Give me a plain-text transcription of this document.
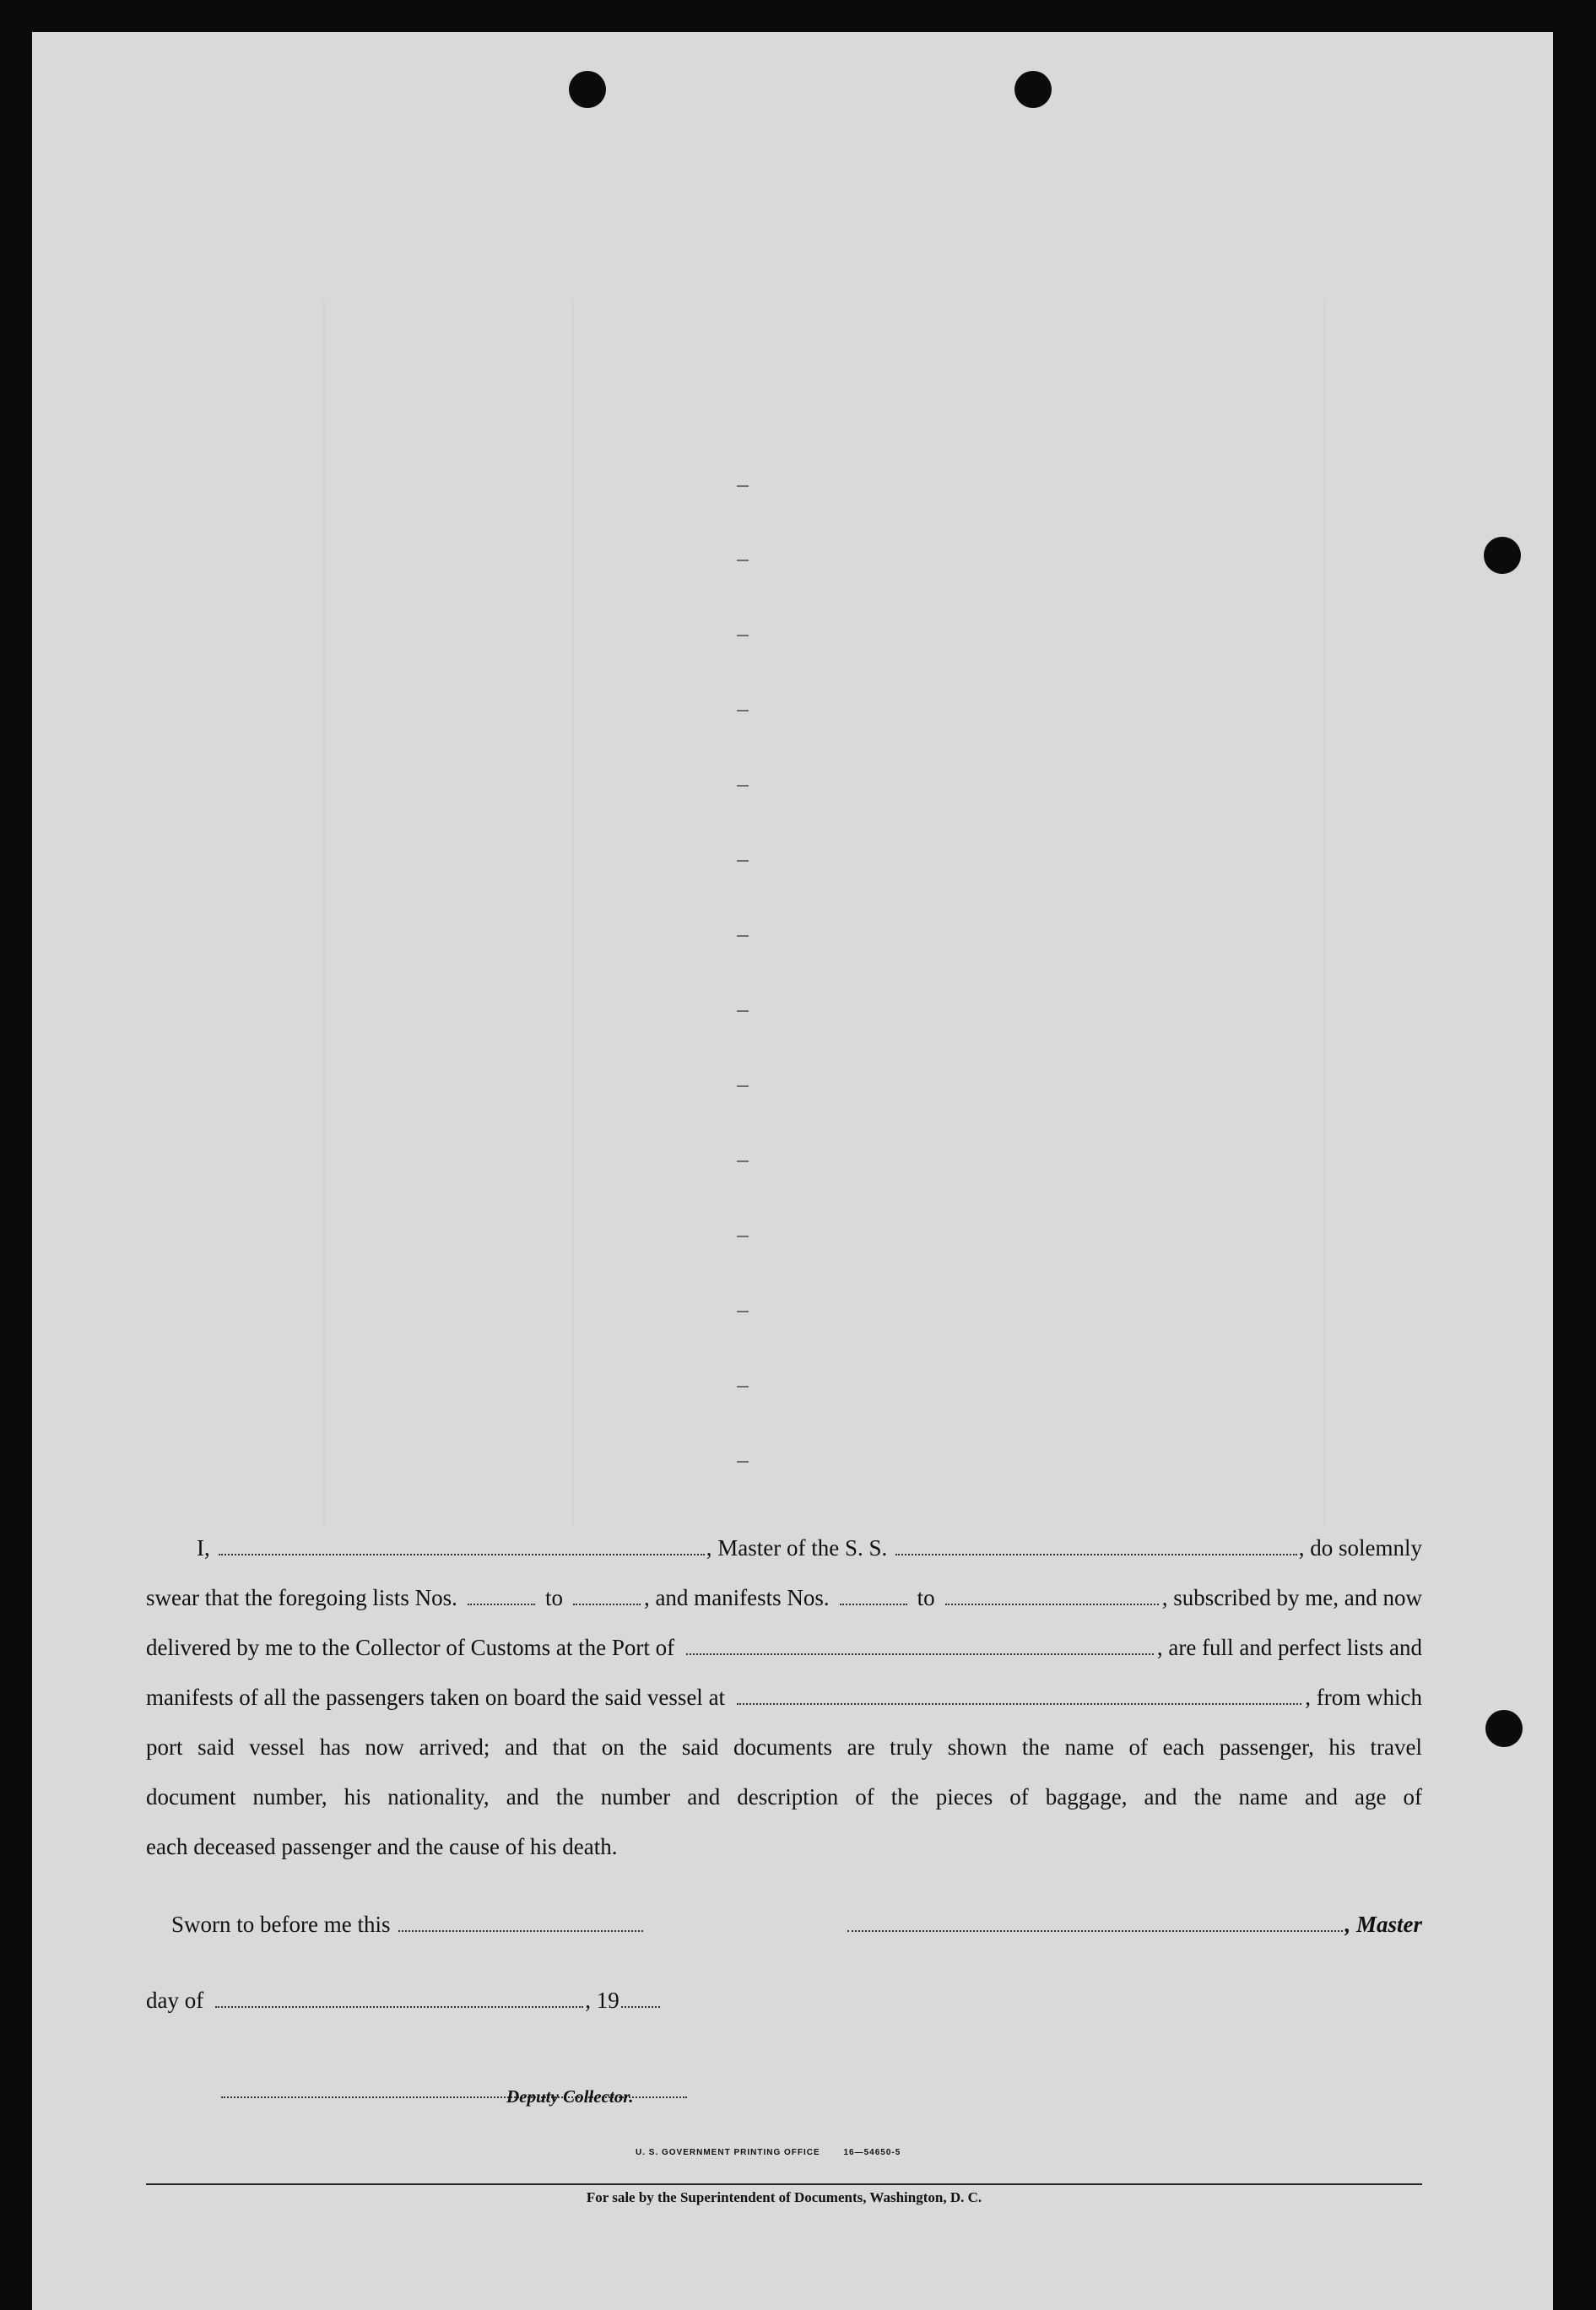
I,	, Master of the S. S.	, do solemnly
swear that the foregoing lists Nos.	to	, and manifests Nos.	to	, subscribed by me, and now
delivered by me to the Collector of Customs at the Port of	, are full and perfect lists and
manifests of all the passengers taken on board the said vessel at	, from which
port said vessel has now arrived; and that on the said documents are truly shown the name of each passenger, his travel
document number, his nationality, and the number and description of the pieces of baggage, and the name and age of
each deceased passenger and the cause of his death.
Sworn to before me this	, Master
day of	, 19
Deputy Collector.
U. S. GOVERNMENT PRINTING OFFICE	16—54650-5
For sale by the Superintendent of Documents, Washington, D. C.
